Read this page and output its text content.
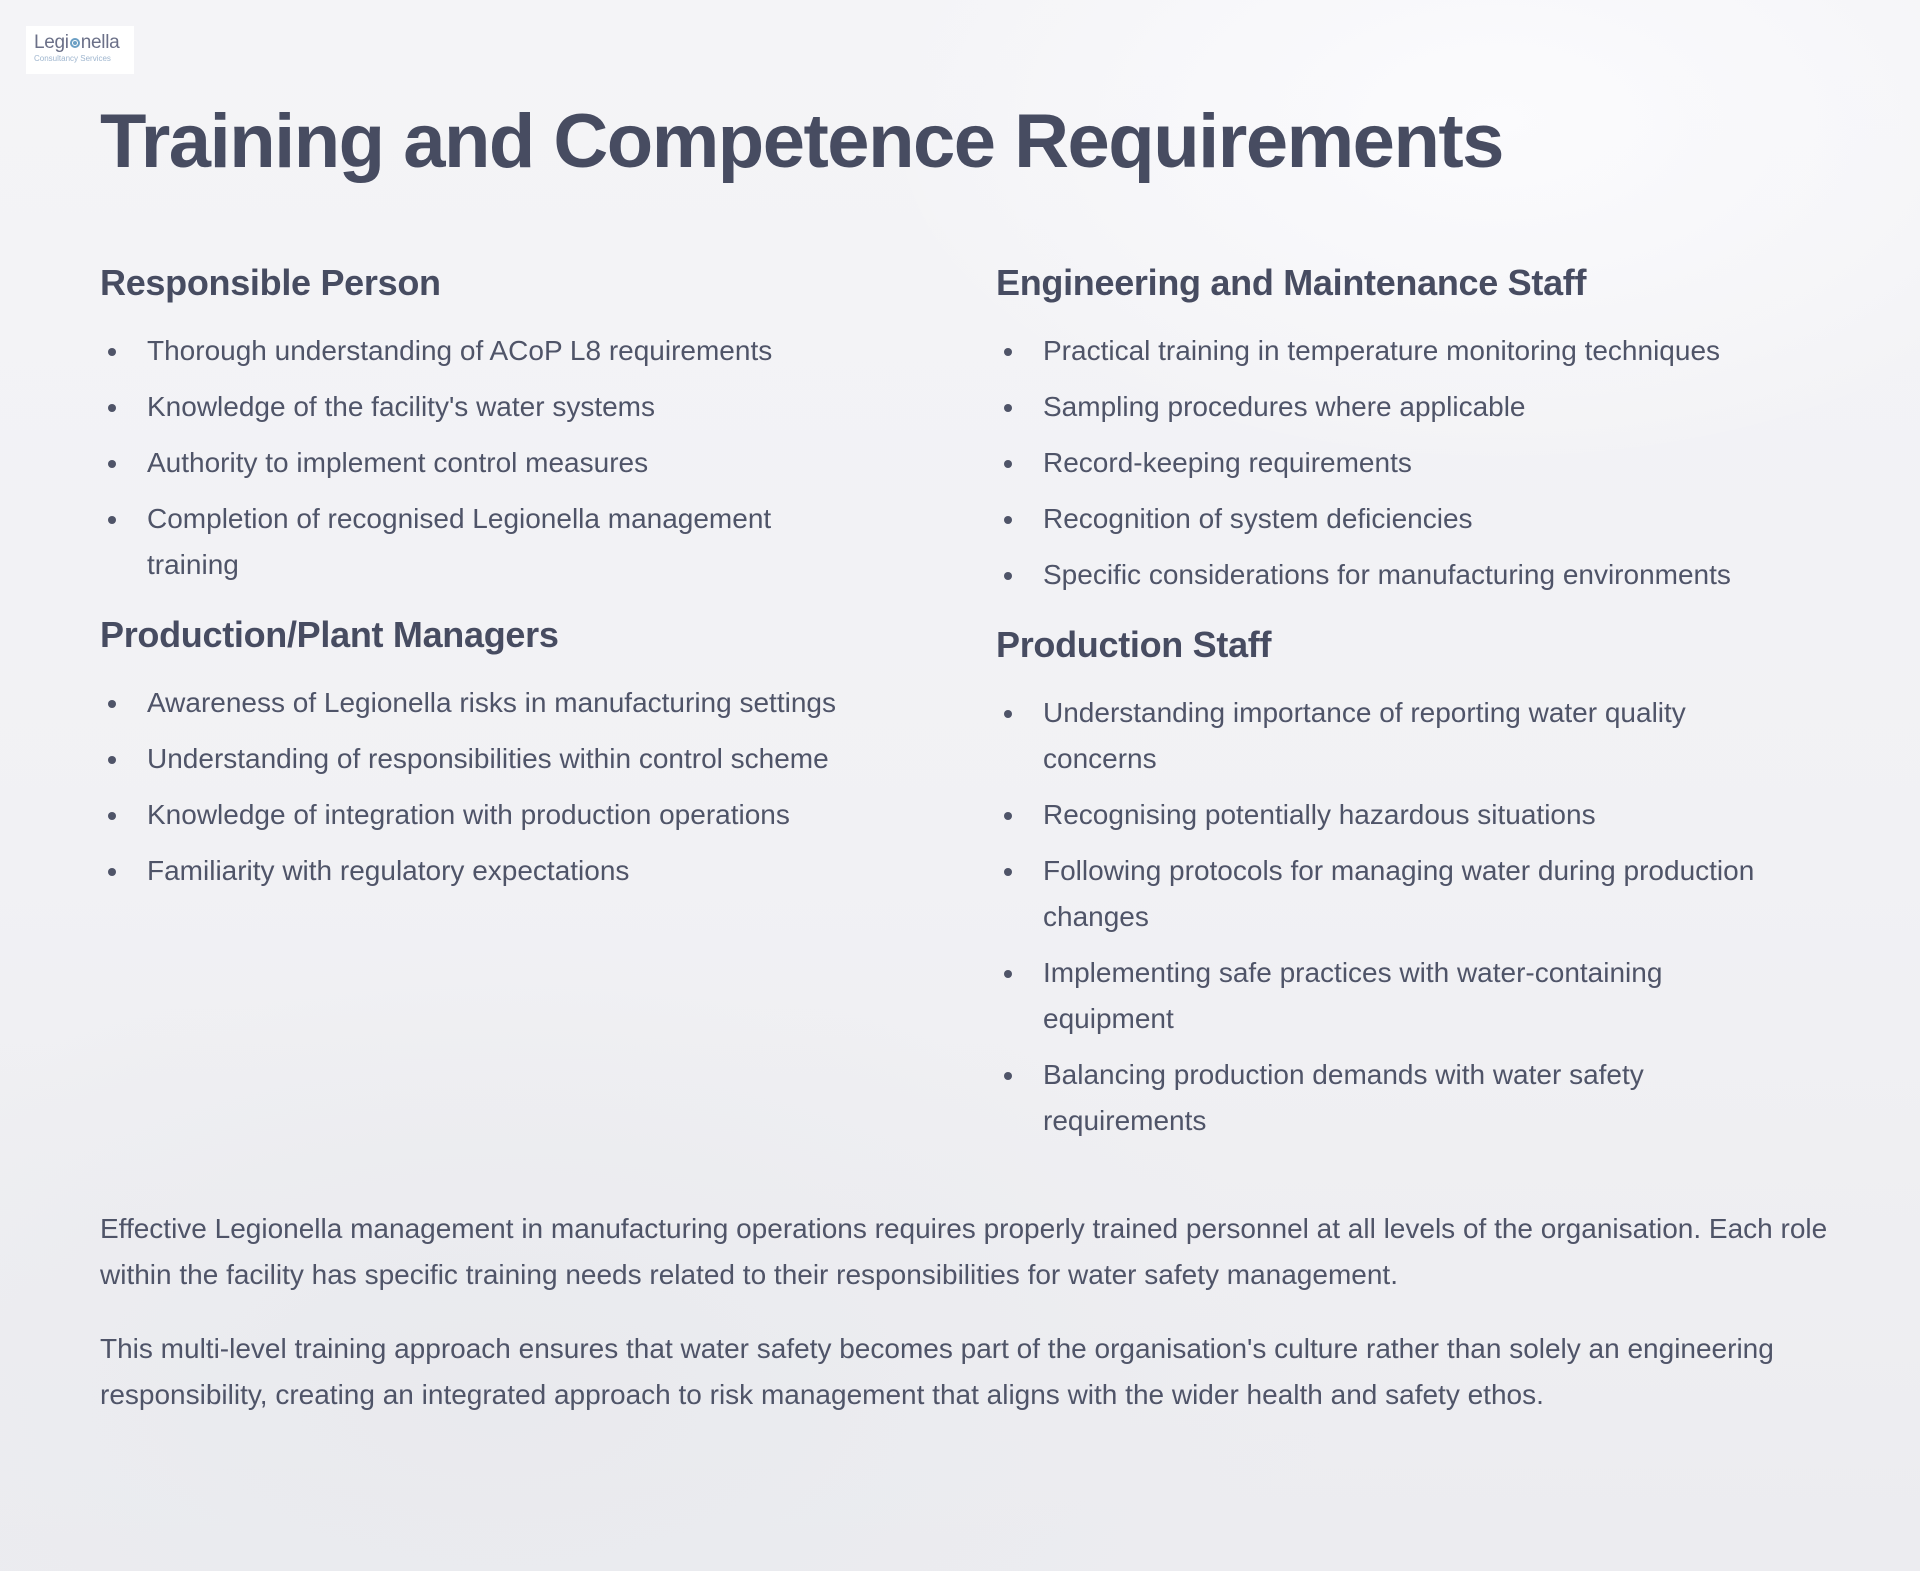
Legi nella
Consultancy Services
Training and Competence Requirements
Responsible Person
Thorough understanding of ACoP L8 requirements
Knowledge of the facility's water systems
Authority to implement control measures
Completion of recognised Legionella management training
Production/Plant Managers
Awareness of Legionella risks in manufacturing settings
Understanding of responsibilities within control scheme
Knowledge of integration with production operations
Familiarity with regulatory expectations
Engineering and Maintenance Staff
Practical training in temperature monitoring techniques
Sampling procedures where applicable
Record-keeping requirements
Recognition of system deficiencies
Specific considerations for manufacturing environments
Production Staff
Understanding importance of reporting water quality concerns
Recognising potentially hazardous situations
Following protocols for managing water during production changes
Implementing safe practices with water-containing equipment
Balancing production demands with water safety requirements

Effective Legionella management in manufacturing operations requires properly trained personnel at all levels of the organisation. Each role within the facility has specific training needs related to their responsibilities for water safety management.

This multi-level training approach ensures that water safety becomes part of the organisation's culture rather than solely an engineering responsibility, creating an integrated approach to risk management that aligns with the wider health and safety ethos.
